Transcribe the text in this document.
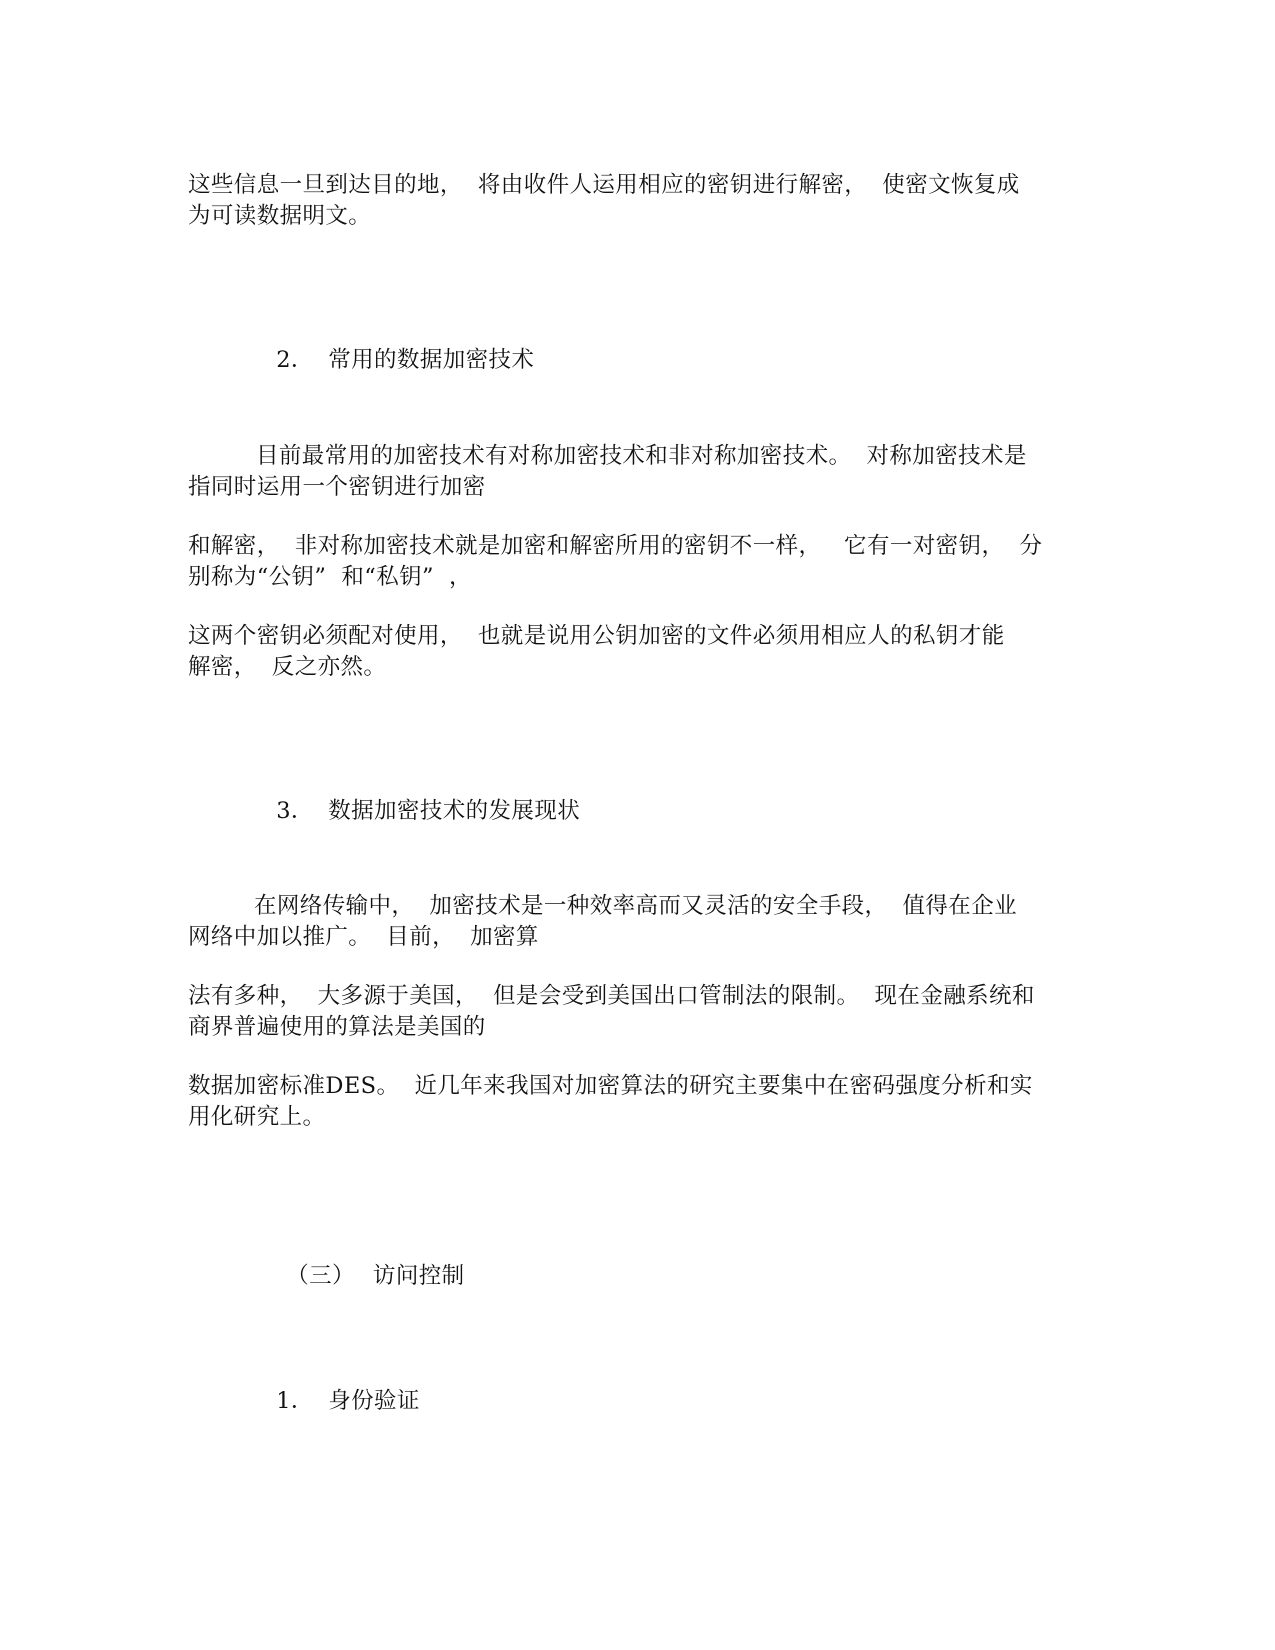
这些信息一旦到达目的地，  将由收件人运用相应的密钥进行解密，  使密文恢复成
为可读数据明文。

2． 常用的数据加密技术

目前最常用的加密技术有对称加密技术和非对称加密技术。  对称加密技术是
指同时运用一个密钥进行加密
和解密，  非对称加密技术就是加密和解密所用的密钥不一样，   它有一对密钥，  分
别称为“公钥”  和“私钥”  ，
这两个密钥必须配对使用，  也就是说用公钥加密的文件必须用相应人的私钥才能
解密，  反之亦然。

3． 数据加密技术的发展现状

在网络传输中，  加密技术是一种效率高而又灵活的安全手段，  值得在企业
网络中加以推广。  目前，  加密算
法有多种，  大多源于美国，  但是会受到美国出口管制法的限制。  现在金融系统和
商界普遍使用的算法是美国的
数据加密标准DES。  近几年来我国对加密算法的研究主要集中在密码强度分析和实
用化研究上。

（三） 访问控制

1． 身份验证
